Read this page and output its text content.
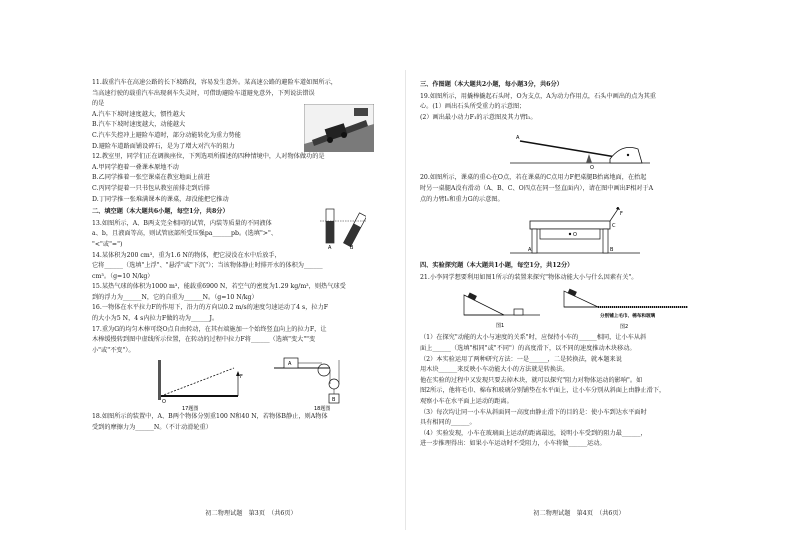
11.载重汽车在高速公路的长下坡路段，容易发生意外。某高速公路的避险车道如图所示，
当高速行驶的载重汽车出现刹车失灵时，可借助避险车道避免意外，下列说法错误
的是
A.汽车下坡时速度越大，惯性越大
B.汽车下坡时速度越大，动能越大
C.汽车失控冲上避险车道时，部分动能转化为重力势能
D.避险车道路面铺设碎石，是为了增大对汽车的阻力
12.教室里，同学们正在调换座位，下列选项所描述的四种情境中，人对物体做功的是
A.甲同学抱着一叠课本原地不动
B.乙同学推着一张空课桌在教室地面上前进
C.丙同学提着一只书包从教室前排走到后排
D.丁同学推一张堆满课本的课桌，却没能把它推动
二、填空题（本大题共6小题，每空1分，共8分）
13.如图所示，A、B两支完全相同的试管，内装等质量的不同液体
a、b，且液面等高，则试管底部所受压强pa______pb。(选填">"、
"<"或"=")	A	B
14.某体积为200 cm³，重为1.6 N的物体，把它浸没在水中后放手，
它将______（选填"上浮"、"悬浮"或"下沉"）；当该物体静止时排开水的体积为______
cm³。（g=10 N/kg）
15.某热气球的体积为1000 m³，能载重6900 N，若空气的密度为1.29 kg/m³，则热气球受
到的浮力为______N，它的自重为______N。（g=10 N/kg）
16.一物体在水平拉力F的作用下，沿力的方向以0.2 m/s的速度匀速运动了4 s，拉力F
的大小为5 N，4 s内拉力F做的功为______J。
17.重为G的均匀木棒可绕O点自由转动，在其右端施加一个始终竖直向上的拉力F，让
木棒缓慢转到图中虚线所示位置，在转动的过程中拉力F将______（选填"变大""变
小"或"不变"）。
F
O
17题图
A
B
18题图
18.如图所示的装置中，A、B两个物体分别重100 N和40 N，若物体B静止，则A物体
受到的摩擦力为______N。（不计动滑轮重）
初二物理试题　第3页　（共6页）
三、作图题（本大题共2小题，每小题3分，共6分）
19.如图所示，用撬棒撬起石头时，O为支点，A为动力作用点，石头中画出的点为其重
心。(1）画出石头所受重力的示意图；
(2）画出最小动力F₁的示意图及其力臂l₁。
A
O
20.如图所示，课桌的重心在O点，若在课桌的C点用力F把桌腿B抬离地面，在抬起
时另一桌腿A没有滑动（A、B、C、O四点在同一竖直面内），请在图中画出F相对于A
点的力臂l₁和重力G的示意图。
O
F
C
A	B
四、实验探究题（本大题共1小题，每空1分，共12分）
21.小李同学想要利用如图1所示的装置来探究"物体动能大小与什么因素有关"。
图1
分别铺上毛巾、棉布和玻璃
图2
（1）在探究"动能的大小与速度的关系"时，应保持小车的______相同，让小车从斜
面上______（选填"相同"或"不同"）的高度滑下，以不同的速度推动木块移动。
（2）本实验运用了两种研究方法：一是______，二是转换法，就本题来说
用木块______来反映小车动能大小的方法就是转换法。
他在实验的过程中又发现只要去掉木块，就可以探究"阻力对物体运动的影响"。如
图2所示，他将毛巾、棉布和玻璃分别铺垫在水平面上，让小车分别从斜面上由静止滑下，
观察小车在水平面上运动的距离。
（3）每次均让同一小车从斜面同一高度由静止滑下的目的是：使小车到达水平面时
具有相同的______。
（4）实验发现，小车在玻璃面上运动的距离最远，说明小车受到的阻力最______，
进一步推理得出：如果小车运动时不受阻力，小车将做______运动。
初二物理试题　第4页　（共6页）
